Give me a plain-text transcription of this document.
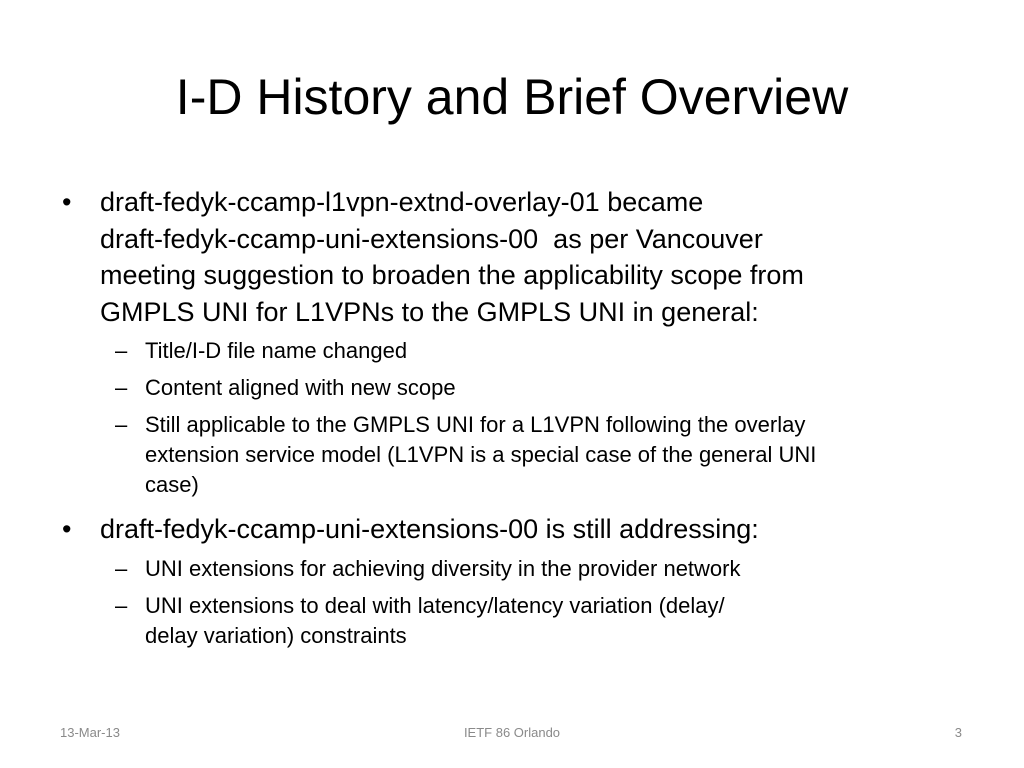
I-D History and Brief Overview
•	draft-fedyk-ccamp-l1vpn-extnd-overlay-01 became
draft-fedyk-ccamp-uni-extensions-00  as per Vancouver
meeting suggestion to broaden the applicability scope from
GMPLS UNI for L1VPNs to the GMPLS UNI in general:
– Title/I-D file name changed
– Content aligned with new scope
– Still applicable to the GMPLS UNI for a L1VPN following the overlay
extension service model (L1VPN is a special case of the general UNI
case)
•	draft-fedyk-ccamp-uni-extensions-00 is still addressing:
– UNI extensions for achieving diversity in the provider network
– UNI extensions to deal with latency/latency variation (delay/
delay variation) constraints
13-Mar-13	IETF 86 Orlando	3
